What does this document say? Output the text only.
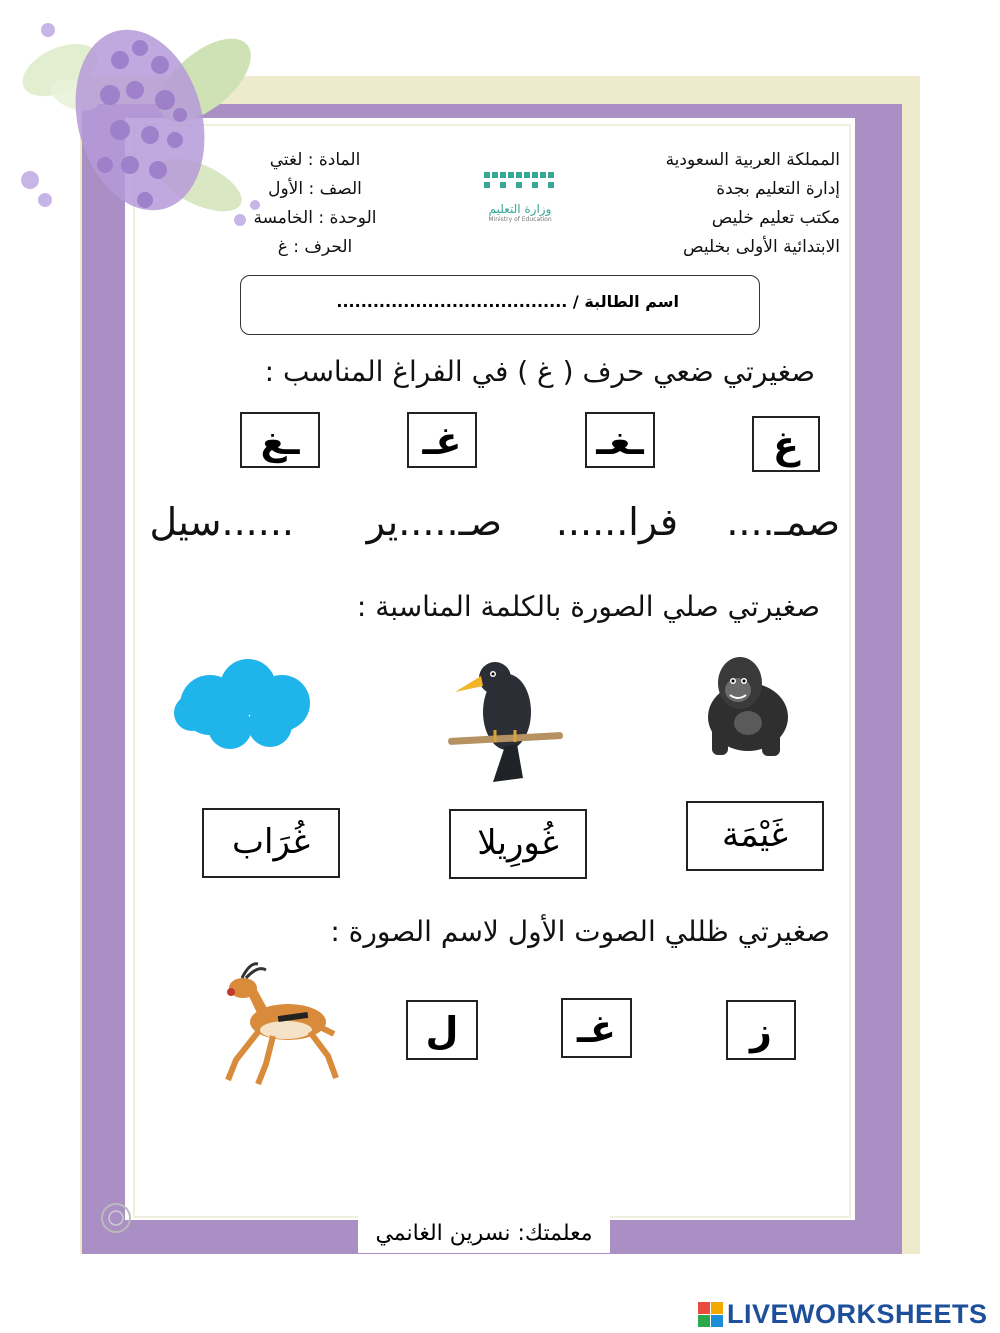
المملكة العربية السعودية
إدارة التعليم بجدة
مكتب تعليم خليص
الابتدائية الأولى بخليص
وزارة التعليم
Ministry of Education
المادة : لغتي
الصف : الأول
الوحدة : الخامسة
الحرف : غ
اسم الطالبة / ......................................
صغيرتي ضعي حرف ( غ ) في الفراغ المناسب :
غ
ـغـ
غـ
ـغ
صمـ....
فرا......
صـ.....ير
......سيل
صغيرتي صلي الصورة بالكلمة المناسبة :
غَيْمَة
غُورِيلا
غُرَاب
صغيرتي ظللي الصوت الأول لاسم الصورة :
ز
غـ
ل
معلمتك: نسرين الغانمي
LIVEWORKSHEETS
